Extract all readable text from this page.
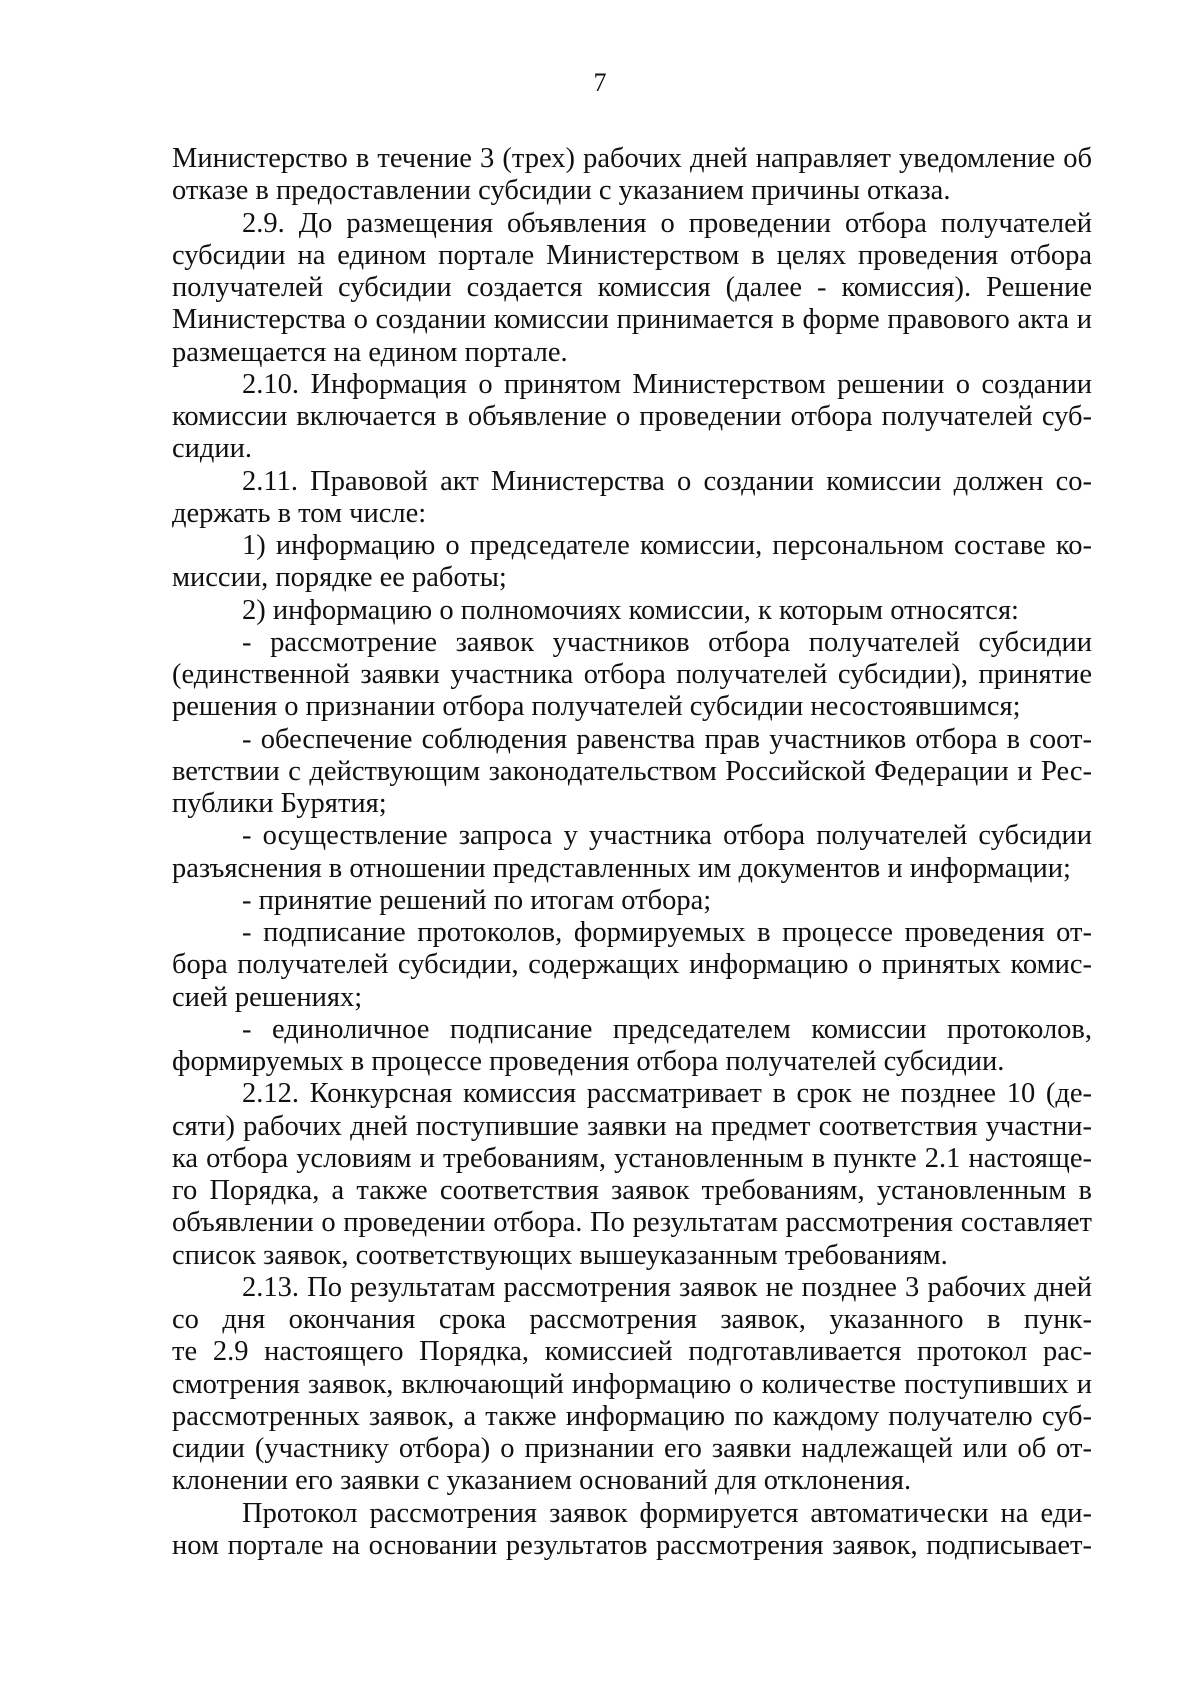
7
Министерство в течение 3 (трех) рабочих дней направляет уведомление об
отказе в предоставлении субсидии с указанием причины отказа.
2.9. До размещения объявления о проведении отбора получателей
субсидии на едином портале Министерством в целях проведения отбора
получателей субсидии создается комиссия (далее - комиссия). Решение
Министерства о создании комиссии принимается в форме правового акта и
размещается на едином портале.
2.10. Информация о принятом Министерством решении о создании
комиссии включается в объявление о проведении отбора получателей суб-
сидии.
2.11. Правовой акт Министерства о создании комиссии должен со-
держать в том числе:
1) информацию о председателе комиссии, персональном составе ко-
миссии, порядке ее работы;
2) информацию о полномочиях комиссии, к которым относятся:
- рассмотрение заявок участников отбора получателей субсидии
(единственной заявки участника отбора получателей субсидии), принятие
решения о признании отбора получателей субсидии несостоявшимся;
- обеспечение соблюдения равенства прав участников отбора в соот-
ветствии с действующим законодательством Российской Федерации и Рес-
публики Бурятия;
- осуществление запроса у участника отбора получателей субсидии
разъяснения в отношении представленных им документов и информации;
- принятие решений по итогам отбора;
- подписание протоколов, формируемых в процессе проведения от-
бора получателей субсидии, содержащих информацию о принятых комис-
сией решениях;
- единоличное подписание председателем комиссии протоколов,
формируемых в процессе проведения отбора получателей субсидии.
2.12. Конкурсная комиссия рассматривает в срок не позднее 10 (де-
сяти) рабочих дней поступившие заявки на предмет соответствия участни-
ка отбора условиям и требованиям, установленным в пункте 2.1 настояще-
го Порядка, а также соответствия заявок требованиям, установленным в
объявлении о проведении отбора. По результатам рассмотрения составляет
список заявок, соответствующих вышеуказанным требованиям.
2.13. По результатам рассмотрения заявок не позднее 3 рабочих дней
со дня окончания срока рассмотрения заявок, указанного в пунк-
те 2.9 настоящего Порядка, комиссией подготавливается протокол рас-
смотрения заявок, включающий информацию о количестве поступивших и
рассмотренных заявок, а также информацию по каждому получателю суб-
сидии (участнику отбора) о признании его заявки надлежащей или об от-
клонении его заявки с указанием оснований для отклонения.
Протокол рассмотрения заявок формируется автоматически на еди-
ном портале на основании результатов рассмотрения заявок, подписывает-
